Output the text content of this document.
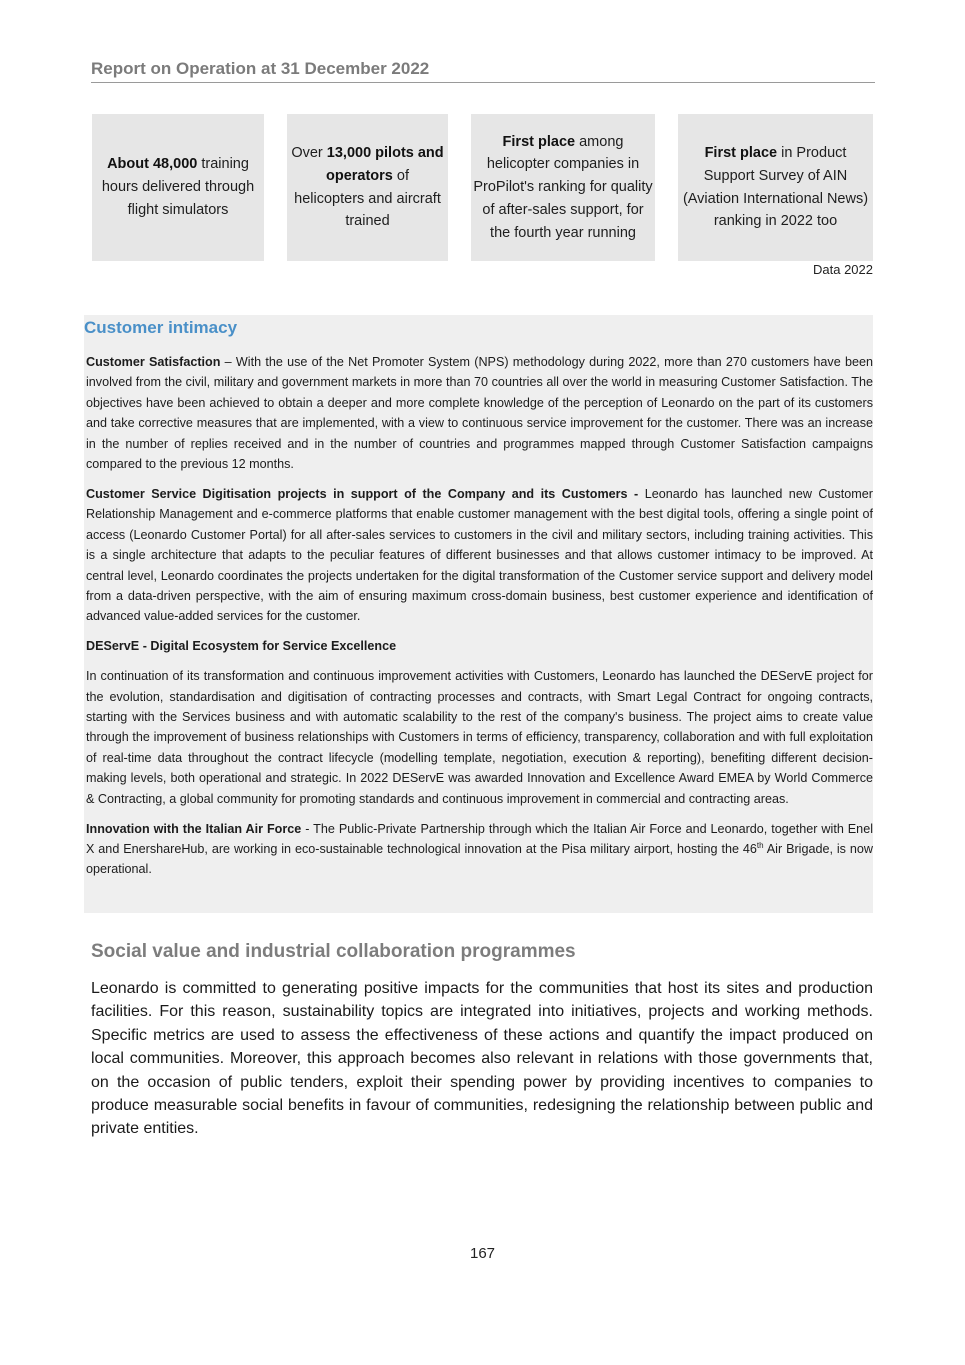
Report on Operation at 31 December 2022
About 48,000 training hours delivered through flight simulators
Over 13,000 pilots and operators of helicopters and aircraft trained
First place among helicopter companies in ProPilot's ranking for quality of after-sales support, for the fourth year running
First place in Product Support Survey of AIN (Aviation International News) ranking in 2022 too
Data 2022
Customer intimacy

Customer Satisfaction – With the use of the Net Promoter System (NPS) methodology during 2022, more than 270 customers have been involved from the civil, military and government markets in more than 70 countries all over the world in measuring Customer Satisfaction. The objectives have been achieved to obtain a deeper and more complete knowledge of the perception of Leonardo on the part of its customers and take corrective measures that are implemented, with a view to continuous service improvement for the customer. There was an increase in the number of replies received and in the number of countries and programmes mapped through Customer Satisfaction campaigns compared to the previous 12 months.

Customer Service Digitisation projects in support of the Company and its Customers - Leonardo has launched new Customer Relationship Management and e-commerce platforms that enable customer management with the best digital tools, offering a single point of access (Leonardo Customer Portal) for all after-sales services to customers in the civil and military sectors, including training activities. This is a single architecture that adapts to the peculiar features of different businesses and that allows customer intimacy to be improved. At central level, Leonardo coordinates the projects undertaken for the digital transformation of the Customer service support and delivery model from a data-driven perspective, with the aim of ensuring maximum cross-domain business, best customer experience and identification of advanced value-added services for the customer.

DEServE - Digital Ecosystem for Service Excellence

In continuation of its transformation and continuous improvement activities with Customers, Leonardo has launched the DEServE project for the evolution, standardisation and digitisation of contracting processes and contracts, with Smart Legal Contract for ongoing contracts, starting with the Services business and with automatic scalability to the rest of the company's business. The project aims to create value through the improvement of business relationships with Customers in terms of efficiency, transparency, collaboration and with full exploitation of real-time data throughout the contract lifecycle (modelling template, negotiation, execution & reporting), benefiting different decision-making levels, both operational and strategic. In 2022 DEServE was awarded Innovation and Excellence Award EMEA by World Commerce & Contracting, a global community for promoting standards and continuous improvement in commercial and contracting areas.

Innovation with the Italian Air Force - The Public-Private Partnership through which the Italian Air Force and Leonardo, together with Enel X and EnershareHub, are working in eco-sustainable technological innovation at the Pisa military airport, hosting the 46th Air Brigade, is now operational.

Social value and industrial collaboration programmes
Leonardo is committed to generating positive impacts for the communities that host its sites and production facilities. For this reason, sustainability topics are integrated into initiatives, projects and working methods. Specific metrics are used to assess the effectiveness of these actions and quantify the impact produced on local communities. Moreover, this approach becomes also relevant in relations with those governments that, on the occasion of public tenders, exploit their spending power by providing incentives to companies to produce measurable social benefits in favour of communities, redesigning the relationship between public and private entities.
167
